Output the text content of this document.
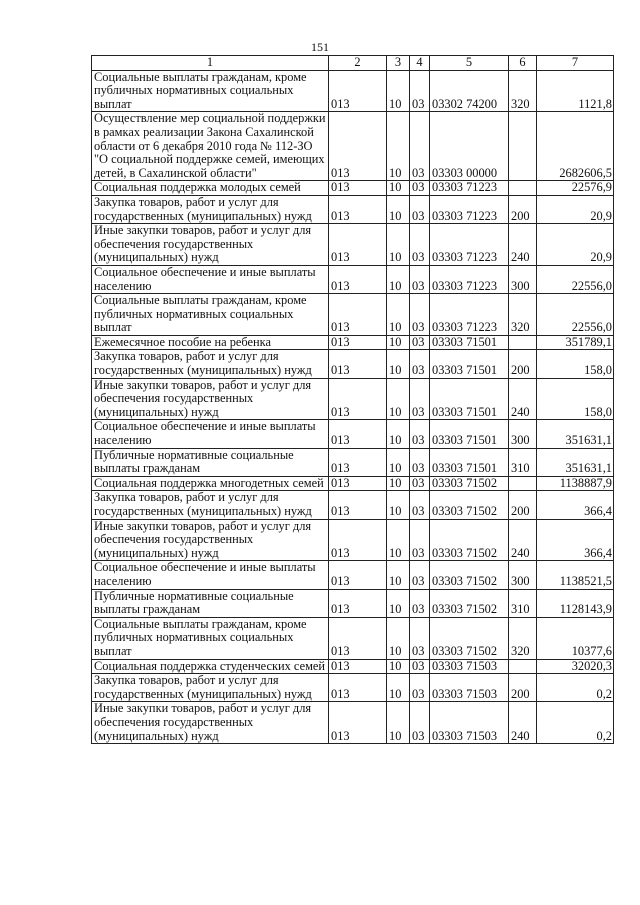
151
1	2	3	4	5	6	7
Социальные выплаты гражданам, кроме публичных нормативных социальных выплат	013	10	03	03302 74200	320	1121,8
Осуществление мер социальной поддержки в рамках реализации Закона Сахалинской области от 6 декабря 2010 года № 112-ЗО "О социальной поддержке семей, имеющих детей, в Сахалинской области"	013	10	03	03303 00000		2682606,5
Социальная поддержка молодых семей	013	10	03	03303 71223		22576,9
Закупка товаров, работ и услуг для государственных (муниципальных) нужд	013	10	03	03303 71223	200	20,9
Иные закупки товаров, работ и услуг для обеспечения государственных (муниципальных) нужд	013	10	03	03303 71223	240	20,9
Социальное обеспечение и иные выплаты населению	013	10	03	03303 71223	300	22556,0
Социальные выплаты гражданам, кроме публичных нормативных социальных выплат	013	10	03	03303 71223	320	22556,0
Ежемесячное пособие на ребенка	013	10	03	03303 71501		351789,1
Закупка товаров, работ и услуг для государственных (муниципальных) нужд	013	10	03	03303 71501	200	158,0
Иные закупки товаров, работ и услуг для обеспечения государственных (муниципальных) нужд	013	10	03	03303 71501	240	158,0
Социальное обеспечение и иные выплаты населению	013	10	03	03303 71501	300	351631,1
Публичные нормативные социальные выплаты гражданам	013	10	03	03303 71501	310	351631,1
Социальная поддержка многодетных семей	013	10	03	03303 71502		1138887,9
Закупка товаров, работ и услуг для государственных (муниципальных) нужд	013	10	03	03303 71502	200	366,4
Иные закупки товаров, работ и услуг для обеспечения государственных (муниципальных) нужд	013	10	03	03303 71502	240	366,4
Социальное обеспечение и иные выплаты населению	013	10	03	03303 71502	300	1138521,5
Публичные нормативные социальные выплаты гражданам	013	10	03	03303 71502	310	1128143,9
Социальные выплаты гражданам, кроме публичных нормативных социальных выплат	013	10	03	03303 71502	320	10377,6
Социальная поддержка студенческих семей	013	10	03	03303 71503		32020,3
Закупка товаров, работ и услуг для государственных (муниципальных) нужд	013	10	03	03303 71503	200	0,2
Иные закупки товаров, работ и услуг для обеспечения государственных (муниципальных) нужд	013	10	03	03303 71503	240	0,2
